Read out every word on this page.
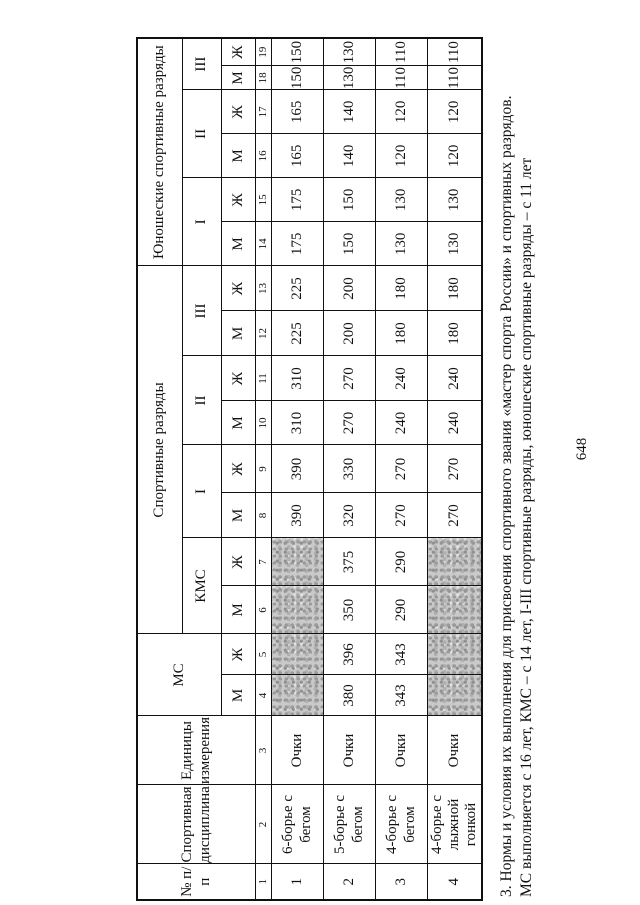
648
3. Нормы и условия их выполнения для присвоения спортивного звания «мастер спорта России» и спортивных разрядов. МС выполняется с 16 лет, КМС – с 14 лет, I-III спортивные разряды, юношеские спортивные разряды – с 11 лет
№ п/п	Спортивная дисциплина	Единицы измерения	МС		Спортивные разряды								Юношеские спортивные разряды					
					КМС		I		II		III		I		II		III	
			М	Ж	М	Ж	М	Ж	М	Ж	М	Ж	М	Ж	М	Ж	М	Ж
1	2	3	4	5	6	7	8	9	10	11	12	13	14	15	16	17	18	19
1	6-борье с бегом	Очки					390	390	310	310	225	225	175	175	165	165	150	150
2	5-борье с бегом	Очки	380	396	350	375	320	330	270	270	200	200	150	150	140	140	130	130
3	4-борье с бегом	Очки	343	343	290	290	270	270	240	240	180	180	130	130	120	120	110	110
4	4-борье с лыжной гонкой	Очки					270	270	240	240	180	180	130	130	120	120	110	110
